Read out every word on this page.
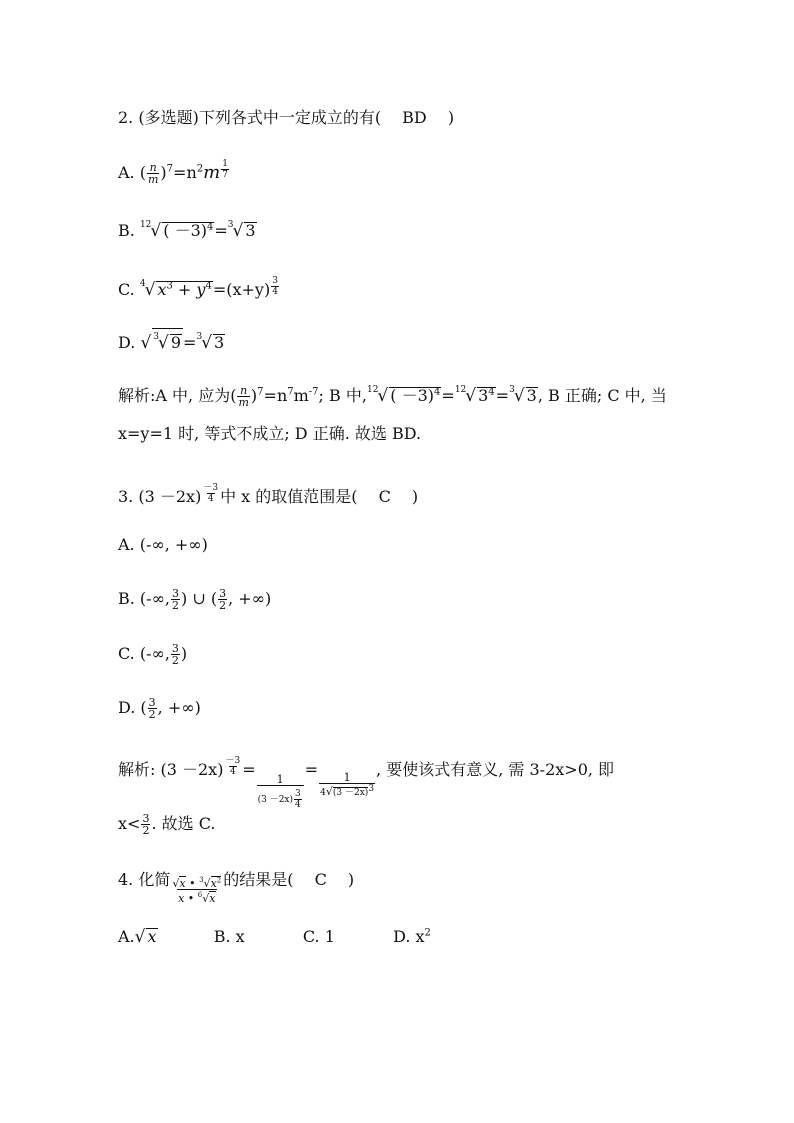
2. (多选题)下列各式中一定成立的有(　 BD　 )
A. ( $\frac{n}{m} )^7=n^2m \frac{1}{7}$
B. $^{12}$√ ( －3)$^4$=$^3$√ 3
C. $^4$√ $x^3 + y^4=(x+y) \frac{3}{4}$
D. √ $^3$√ 9 =$^3$√ 3
解析:A 中, 应为( $\frac{n}{m} )^7=n^7m^{-7}$; B 中,$^{12}$√ ( －3)$^4$=$^{12}$√ $3^4=^3√$ 3, B 正确; C 中, 当
x=y=1 时, 等式不成立; D 正确. 故选 BD.
3. $(3 -2x) \frac{-3}{4}$ 中 x 的取值范围是(　 C　 )
A. (-∞, +∞)
B. (-∞, $\frac{3}{2}$ ) ∪ ( $\frac{3}{2}$ , +∞)
C. (-∞, $\frac{3}{2}$ )
D. ( $\frac{3}{2}$ , +∞)
解析: $(3 -2x) \frac{-3}{4}$ =
$\frac{1}{(3 -2x) \frac{3}{4}}$
=
$\frac{1}{4√(3 -2x)^3}$
, 要使该式有意义, 需 3-2x>0, 即
$x< \frac{3}{2}$ . 故选 C.
4. 化简 $\frac{√x • ^3√x^2}{x • ^6√x}$ 的结果是(　 C　 )
A.√ x	B. x	C. 1	D. $x^2$
